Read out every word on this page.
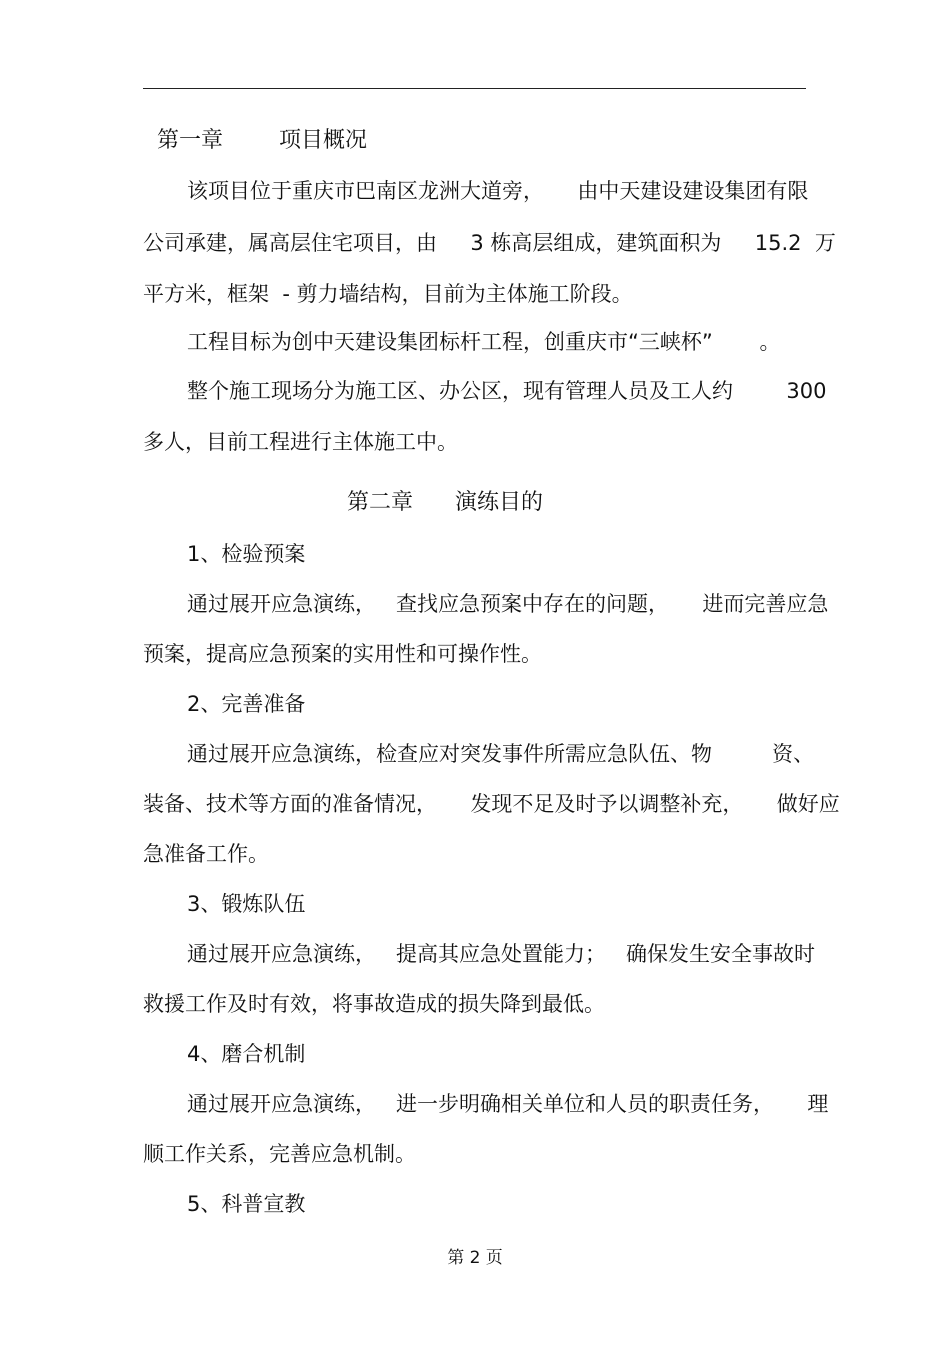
第一章        项目概况
该项目位于重庆市巴南区龙洲大道旁，     由中天建设建设集团有限
公司承建，属高层住宅项目，由     3 栋高层组成，建筑面积为     15.2  万
平方米，框架  - 剪力墙结构，目前为主体施工阶段。
工程目标为创中天建设集团标杆工程，创重庆市“三峡杯”       。
整个施工现场分为施工区、办公区，现有管理人员及工人约        300
多人，目前工程进行主体施工中。
第二章      演练目的
1、检验预案
通过展开应急演练，   查找应急预案中存在的问题，     进而完善应急
预案，提高应急预案的实用性和可操作性。
2、完善准备
通过展开应急演练，检查应对突发事件所需应急队伍、物         资、
装备、技术等方面的准备情况，     发现不足及时予以调整补充，     做好应
急准备工作。
3、锻炼队伍
通过展开应急演练，   提高其应急处置能力；   确保发生安全事故时
救援工作及时有效，将事故造成的损失降到最低。
4、磨合机制
通过展开应急演练，   进一步明确相关单位和人员的职责任务，     理
顺工作关系，完善应急机制。
5、科普宣教
第 2 页
